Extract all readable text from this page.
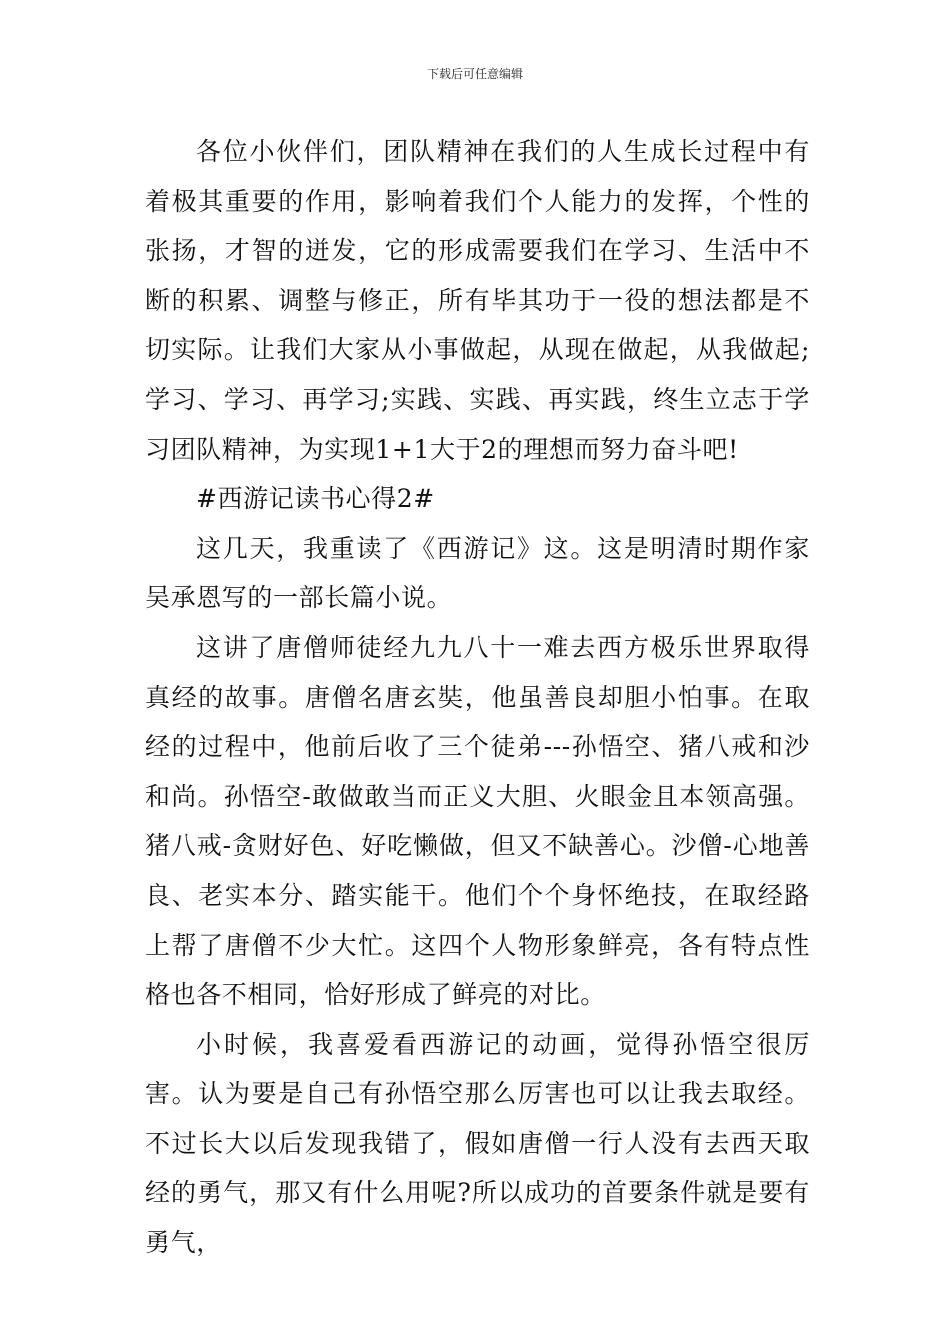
下载后可任意编辑

各位小伙伴们，团队精神在我们的人生成长过程中有着极其重要的作用，影响着我们个人能力的发挥，个性的张扬，才智的迸发，它的形成需要我们在学习、生活中不断的积累、调整与修正，所有毕其功于一役的想法都是不切实际。让我们大家从小事做起，从现在做起，从我做起;学习、学习、再学习;实践、实践、再实践，终生立志于学习团队精神，为实现1+1大于2的理想而努力奋斗吧!

#西游记读书心得2#

这几天，我重读了《西游记》这。这是明清时期作家吴承恩写的一部长篇小说。

这讲了唐僧师徒经九九八十一难去西方极乐世界取得真经的故事。唐僧名唐玄奘，他虽善良却胆小怕事。在取经的过程中，他前后收了三个徒弟---孙悟空、猪八戒和沙和尚。孙悟空-敢做敢当而正义大胆、火眼金且本领高强。猪八戒-贪财好色、好吃懒做，但又不缺善心。沙僧-心地善良、老实本分、踏实能干。他们个个身怀绝技，在取经路上帮了唐僧不少大忙。这四个人物形象鲜亮，各有特点性格也各不相同，恰好形成了鲜亮的对比。

小时候，我喜爱看西游记的动画，觉得孙悟空很厉害。认为要是自己有孙悟空那么厉害也可以让我去取经。不过长大以后发现我错了，假如唐僧一行人没有去西天取经的勇气，那又有什么用呢?所以成功的首要条件就是要有勇气，
